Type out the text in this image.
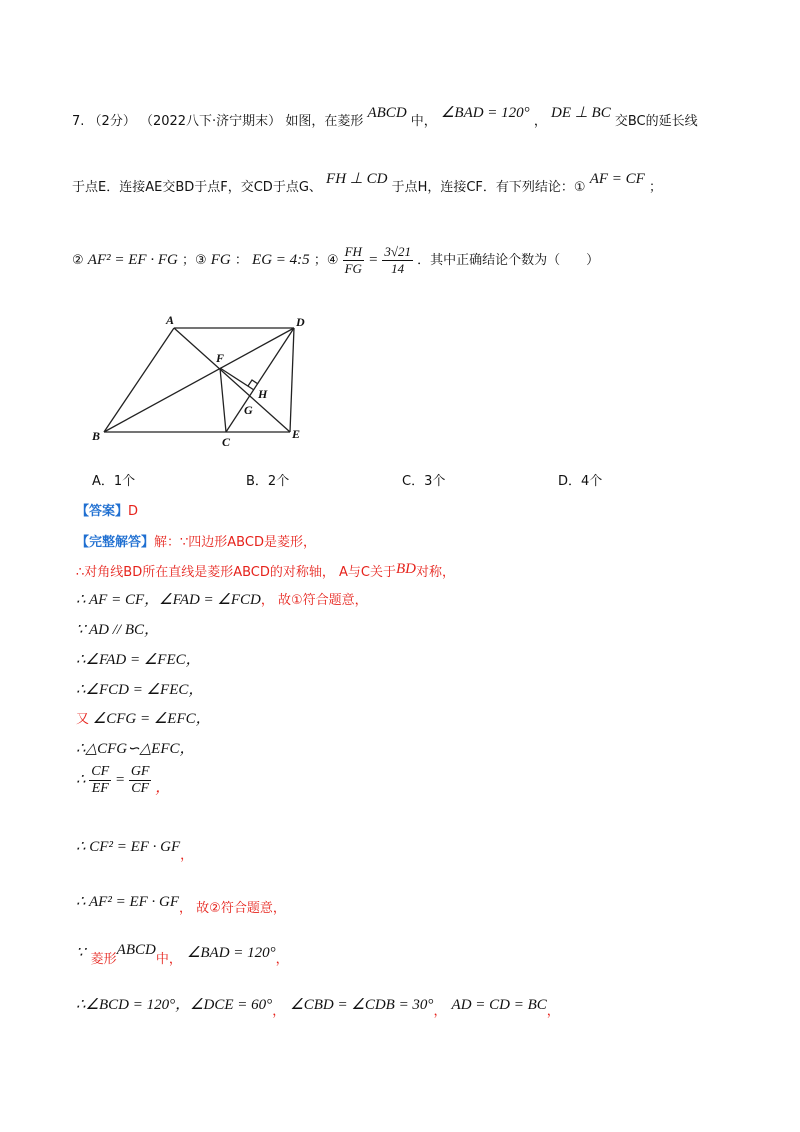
7. （2分） （2022八下·济宁期末） 如图，在菱形 ABCD 中， ∠BAD = 120° ， DE ⊥ BC 交BC的延长线
于点E．连接AE交BD于点F，交CD于点G、 FH ⊥ CD 于点H，连接CF．有下列结论：① AF = CF ；
② AF² = EF · FG ；③ FG ： EG = 4:5 ；④ $\frac{FH}{FG} = \frac{3√21}{14}$ ．其中正确结论个数为（　　）
A	D
B	C
E
F
G
H
A．1个	B．2个	C．3个	D．4个
【答案】D
【完整解答】解：∵四边形ABCD是菱形，
∴对角线BD所在直线是菱形ABCD的对称轴， A与C关于BD对称，
∴ AF = CF，∠FAD = ∠FCD， 故①符合题意，
∵ AD // BC，
∴∠FAD = ∠FEC，
∴∠FCD = ∠FEC，
又 ∠CFG = ∠EFC，
∴△CFG∽△EFC，
∴ $\frac{CF}{EF} = \frac{GF}{CF}$ ，
∴ CF² = EF · $GF_,$
∴ AF² = EF · $GF_{, 故②符合题意,}$
∵ $_{菱形}ABCD_{中,}$ ∠BAD = $120^\circ_,$
∴∠BCD = 120°，∠DCE = $60^\circ_,$ ∠CBD = ∠CDB = $30^\circ_,$ AD = CD = $BC_,$
